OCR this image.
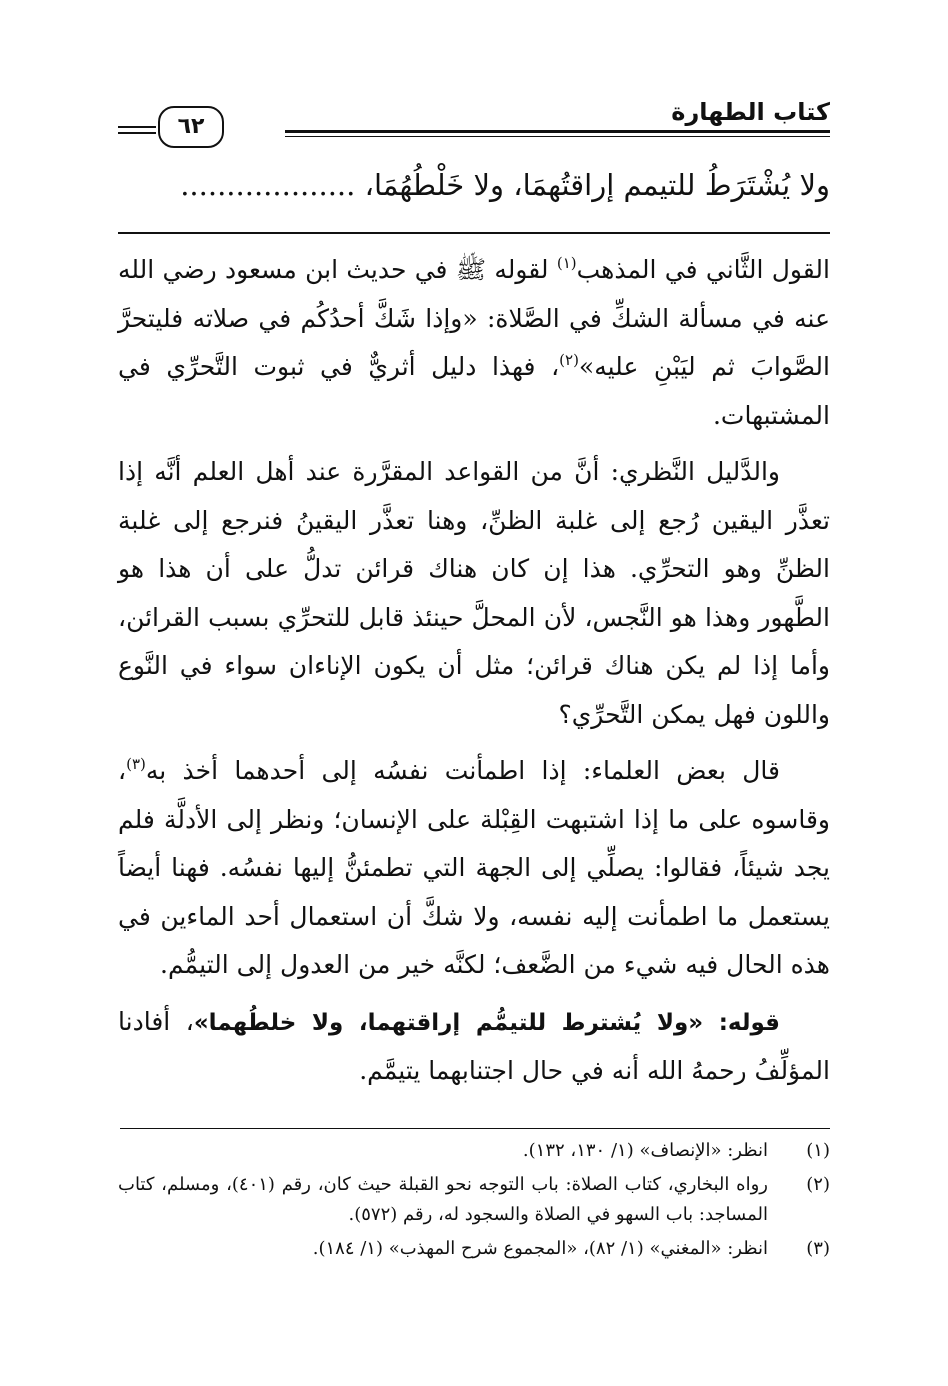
كتاب الطهارة
٦٢
ولا يُشْتَرَطُ للتيمم إراقتُهمَا، ولا خَلْطُهُمَا، ...................

القول الثَّاني في المذهب$^{(١)}$ لقوله ﷺ في حديث ابن مسعود رضي الله عنه في مسألة الشكِّ في الصَّلاة: «وإذا شَكَّ أحدُكُم في صلاته فليتحرَّ الصَّوابَ ثم ليَبْنِ عليه»$^{(٢)}$، فهذا دليل أثريٌّ في ثبوت التَّحرِّي في المشتبهات.

والدَّليل النَّظري: أنَّ من القواعد المقرَّرة عند أهل العلم أنَّه إذا تعذَّر اليقين رُجع إلى غلبة الظنِّ، وهنا تعذَّر اليقينُ فنرجع إلى غلبة الظنِّ وهو التحرِّي. هذا إن كان هناك قرائن تدلُّ على أن هذا هو الطَّهور وهذا هو النَّجس، لأن المحلَّ حينئذ قابل للتحرِّي بسبب القرائن، وأما إذا لم يكن هناك قرائن؛ مثل أن يكون الإناءان سواء في النَّوع واللون فهل يمكن التَّحرِّي؟

قال بعض العلماء: إذا اطمأنت نفسُه إلى أحدهما أخذ به$^{(٣)}$، وقاسوه على ما إذا اشتبهت القِبْلة على الإنسان؛ ونظر إلى الأدلَّة فلم يجد شيئاً، فقالوا: يصلِّي إلى الجهة التي تطمئنُّ إليها نفسُه. فهنا أيضاً يستعمل ما اطمأنت إليه نفسه، ولا شكَّ أن استعمال أحد الماءين في هذه الحال فيه شيء من الضَّعف؛ لكنَّه خير من العدول إلى التيمُّم.

قوله: «ولا يُشترط للتيمُّم إراقتهما، ولا خلطُهما»، أفادنا المؤلِّفُ رحمهُ الله أنه في حال اجتنابهما يتيمَّم.

(١)
انظر: «الإنصاف» (١/ ١٣٠، ١٣٢).
(٢)
رواه البخاري، كتاب الصلاة: باب التوجه نحو القبلة حيث كان، رقم (٤٠١)، ومسلم، كتاب المساجد: باب السهو في الصلاة والسجود له، رقم (٥٧٢).
(٣)
انظر: «المغني» (١/ ٨٢)، «المجموع شرح المهذب» (١/ ١٨٤).
